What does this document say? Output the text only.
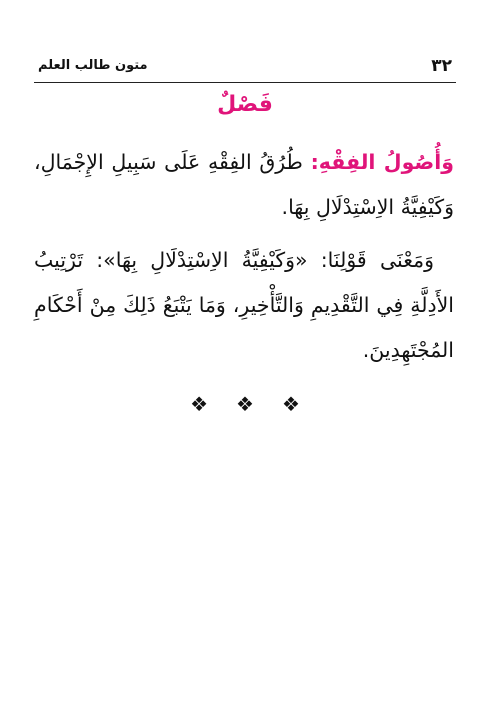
متون طالب العلم	٣٢
فَصْلٌ

وَأُصُولُ الفِقْهِ: طُرُقُ الفِقْهِ عَلَى سَبِيلِ الإِجْمَالِ، وَكَيْفِيَّةُ الاِسْتِدْلَالِ بِهَا.

وَمَعْنَى قَوْلِنَا: «وَكَيْفِيَّةُ الاِسْتِدْلَالِ بِهَا»: تَرْتِيبُ الأَدِلَّةِ فِي التَّقْدِيمِ وَالتَّأْخِيرِ، وَمَا يَتْبَعُ ذَلِكَ مِنْ أَحْكَامِ المُجْتَهِدِينَ.

❖ ❖ ❖
